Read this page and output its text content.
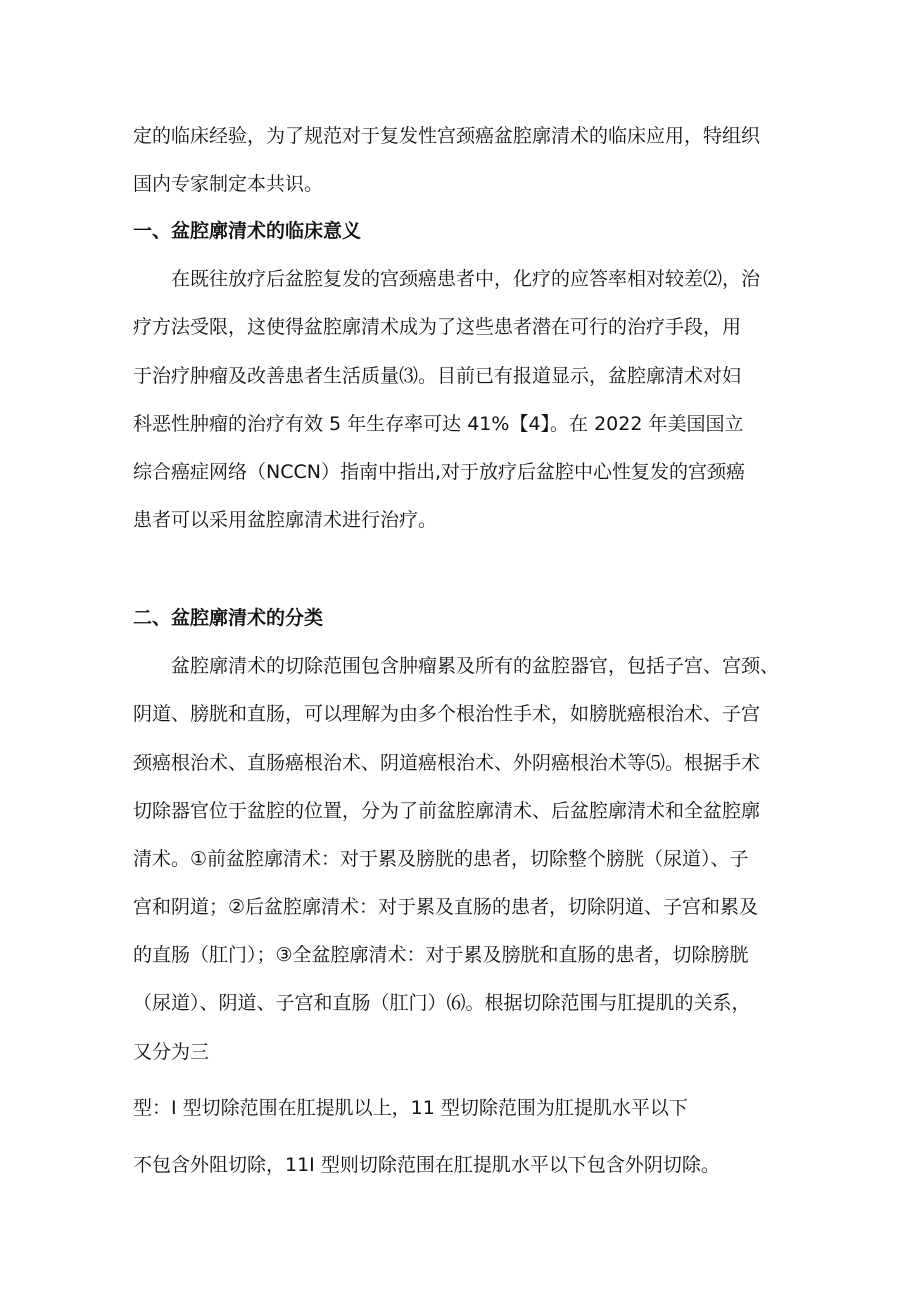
定的临床经验，为了规范对于复发性宫颈癌盆腔廓清术的临床应用，特组织
国内专家制定本共识。
一、盆腔廓清术的临床意义
在既往放疗后盆腔复发的宫颈癌患者中，化疗的应答率相对较差⑵，治
疗方法受限，这使得盆腔廓清术成为了这些患者潜在可行的治疗手段，用
于治疗肿瘤及改善患者生活质量⑶。目前已有报道显示，盆腔廓清术对妇
科恶性肿瘤的治疗有效 5 年生存率可达 41%【4】。在 2022 年美国国立
综合癌症网络（NCCN）指南中指出,对于放疗后盆腔中心性复发的宫颈癌
患者可以采用盆腔廓清术进行治疗。
二、盆腔廓清术的分类
盆腔廓清术的切除范围包含肿瘤累及所有的盆腔器官，包括子宫、宫颈、
阴道、膀胱和直肠，可以理解为由多个根治性手术，如膀胱癌根治术、子宫
颈癌根治术、直肠癌根治术、阴道癌根治术、外阴癌根治术等⑸。根据手术
切除器官位于盆腔的位置，分为了前盆腔廓清术、后盆腔廓清术和全盆腔廓
清术。①前盆腔廓清术：对于累及膀胱的患者，切除整个膀胱（尿道）、子
宫和阴道；②后盆腔廓清术：对于累及直肠的患者，切除阴道、子宫和累及
的直肠（肛门）；③全盆腔廓清术：对于累及膀胱和直肠的患者，切除膀胱
（尿道）、阴道、子宫和直肠（肛门）⑹。根据切除范围与肛提肌的关系，
又分为三
型：I 型切除范围在肛提肌以上，11 型切除范围为肛提肌水平以下
不包含外阻切除，11I 型则切除范围在肛提肌水平以下包含外阴切除。
